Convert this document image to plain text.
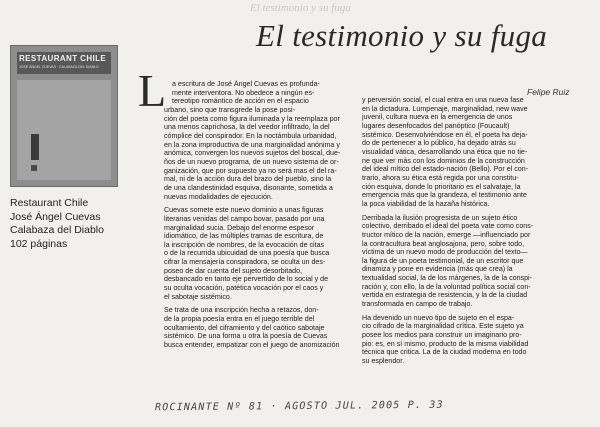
El testimonio y su fuga
El testimonio y su fuga
Felipe Ruiz
RESTAURANT CHILE
JOSÉ ÁNGEL CUEVAS · CALABAZA DEL DIABLO
Restaurant Chile
José Ángel Cuevas
Calabaza del Diablo
102 páginas
L a escritura de José Ángel Cuevas es profunda-
mente interventora. No obedece a ningún es-
tereotipo romántico de acción en el espacio
urbano, sino que transgrede la pose posi-
ción del poeta como figura iluminada y la reemplaza por
una menos caprichosa, la del veedor infiltrado, la del
cómplice del conspirador. En la noctámbula urbanidad,
en la zona improductiva de una marginalidad anónima y
anómica, convergen los nuevos sujetos del boscal, due-
ños de un nuevo programa, de un nuevo sistema de or-
ganización, que por supuesto ya no será mas el del ra-
mal, ni de la acción dura del brazo del pueblo, sino la
de una clandestinidad esquiva, disonante, sometida a
nuevas modalidades de ejecución.
Cuevas somete este nuevo dominio a unas figuras
literarias venidas del campo bovar, pasado por una
marginalidad sucia. Debajo del enorme espesor
idiomático, de las múltiples tramas de escritura, de
la inscripción de nombres, de la evocación de citas
o de la recurrida ubicuidad de una poesía que busca
cifrar la mensajería conspiradora, se oculta un des-
poseo de dar cuenta del sujeto desorbitado,
desbancado en tanto eje pervertido de lo social y de
su oculta vocación, patética vocación por el caos y
el sabotaje sistémico.
Se trata de una inscripción hecha a retazos, don-
de la propia poesía entra en el juego terrible del
ocultamiento, del ciframiento y del caótico sabotaje
sistémico. De una forma u otra la poesía de Cuevas
busca entender, empatizar con el juego de anomización
y perversión social, el cual entra en una nueva fase
en la dictadura. Lumpenaje, marginalidad, new wave
juvenil, cultura nueva en la emergencia de unos
lugares desenfocados del panóptico (Foucault)
sistémico. Desenvolviéndose en él, el poeta ha deja-
do de pertenecer a lo público, ha dejado atrás su
visualidad vática, desarrollando una ética que no tie-
ne que ver más con los dominios de la construcción
del ideal mítico del estado-nación (Bello). Por el con-
trario, ahora su ética está regida por una constitu-
ción esquiva, donde lo prioritario es el salvataje, la
emergencia más que la grandeza, el testimonio ante
la poca viabilidad de la hazaña histórica.
Derribada la ilusión progresista de un sujeto ético
colectivo, derribado el ideal del poeta vate como cons-
tructor mítico de la nación, emerge —influenciado por
la contracultura beat anglosajona, pero, sobre todo,
víctima de un nuevo modo de producción del texto—
la figura de un poeta testimonial, de un escritor que
dinamiza y pone en evidencia (más que crea) la
textualidad social, la de los márgenes, la de la conspi-
ración y, con ello, la de la voluntad política social con-
vertida en estrategia de resistencia, y la de la ciudad
transformada en campo de trabajo.
Ha devenido un nuevo tipo de sujeto en el espa-
cio cifrado de la marginalidad crítica. Este sujeto ya
posee los medios para construir un imaginario pro-
pio: es, en sí mismo, producto de la misma viabilidad
técnica que critica. La de la ciudad moderna en todo
su esplendor.
ROCINANTE Nº 81 · AGOSTO JUL. 2005 P. 33
